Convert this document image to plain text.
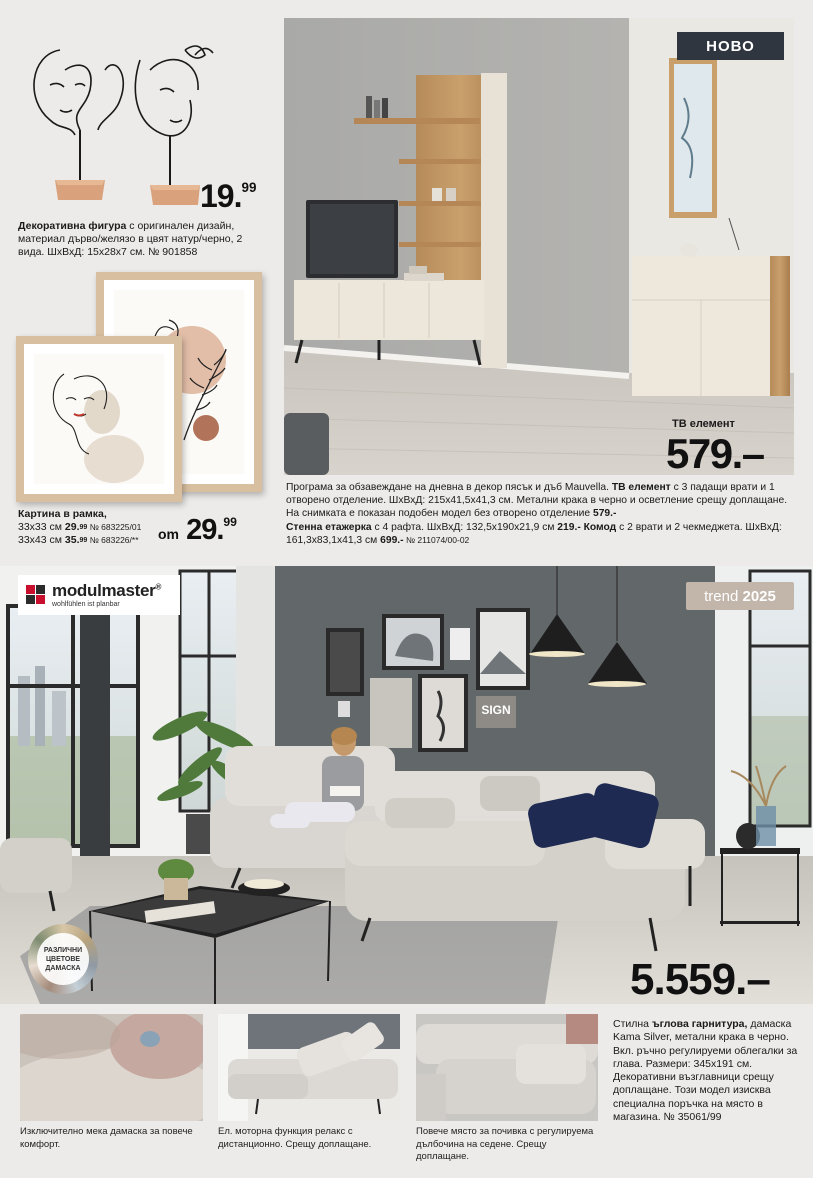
19.99
Декоративна фигура с оригинален дизайн, материал дърво/желязо в цвят натур/черно, 2 вида. ШхВхД: 15x28x7 см. № 901858
Картина в рамка,
33x33 см 29.99 № 683225/01
33x43 см 35.99 № 683226/**	om 29.99
НОВО
ТВ елемент
579.–
Програма за обзавеждане на дневна в декор пясък и дъб Mauvella. ТВ елемент с 3 падащи врати и 1 отворено отделение. ШхВхД: 215x41,5x41,3 см. Метални крака в черно и осветление срещу доплащане. На снимката е показан подобен модел без отворено отделение 579.-
Стенна етажерка с 4 рафта. ШхВхД: 132,5x190x21,9 см 219.- Комод с 2 врати и 2 чекмеджета. ШхВхД: 161,3x83,1x41,3 см 699.- № 211074/00-02
SIGN
modulmaster®
wohlfühlen ist planbar	trend
2025
РАЗЛИЧНИ ЦВЕТОВЕ ДАМАСКА	5.559.–
Изключително мека дамаска за повече комфорт.
Ел. моторна функция релакс с дистанционно. Срещу доплащане.
Повече място за почивка с регулируема дълбочина на седене. Срещу доплащане.
Стилна ъглова гарнитура, дамаска Kama Silver, метални крака в черно. Вкл. ръчно регулируеми облегалки за глава. Размери: 345x191 см. Декоративни възглавници срещу доплащане. Този модел изисква специална поръчка на място в магазина. № 35061/99
